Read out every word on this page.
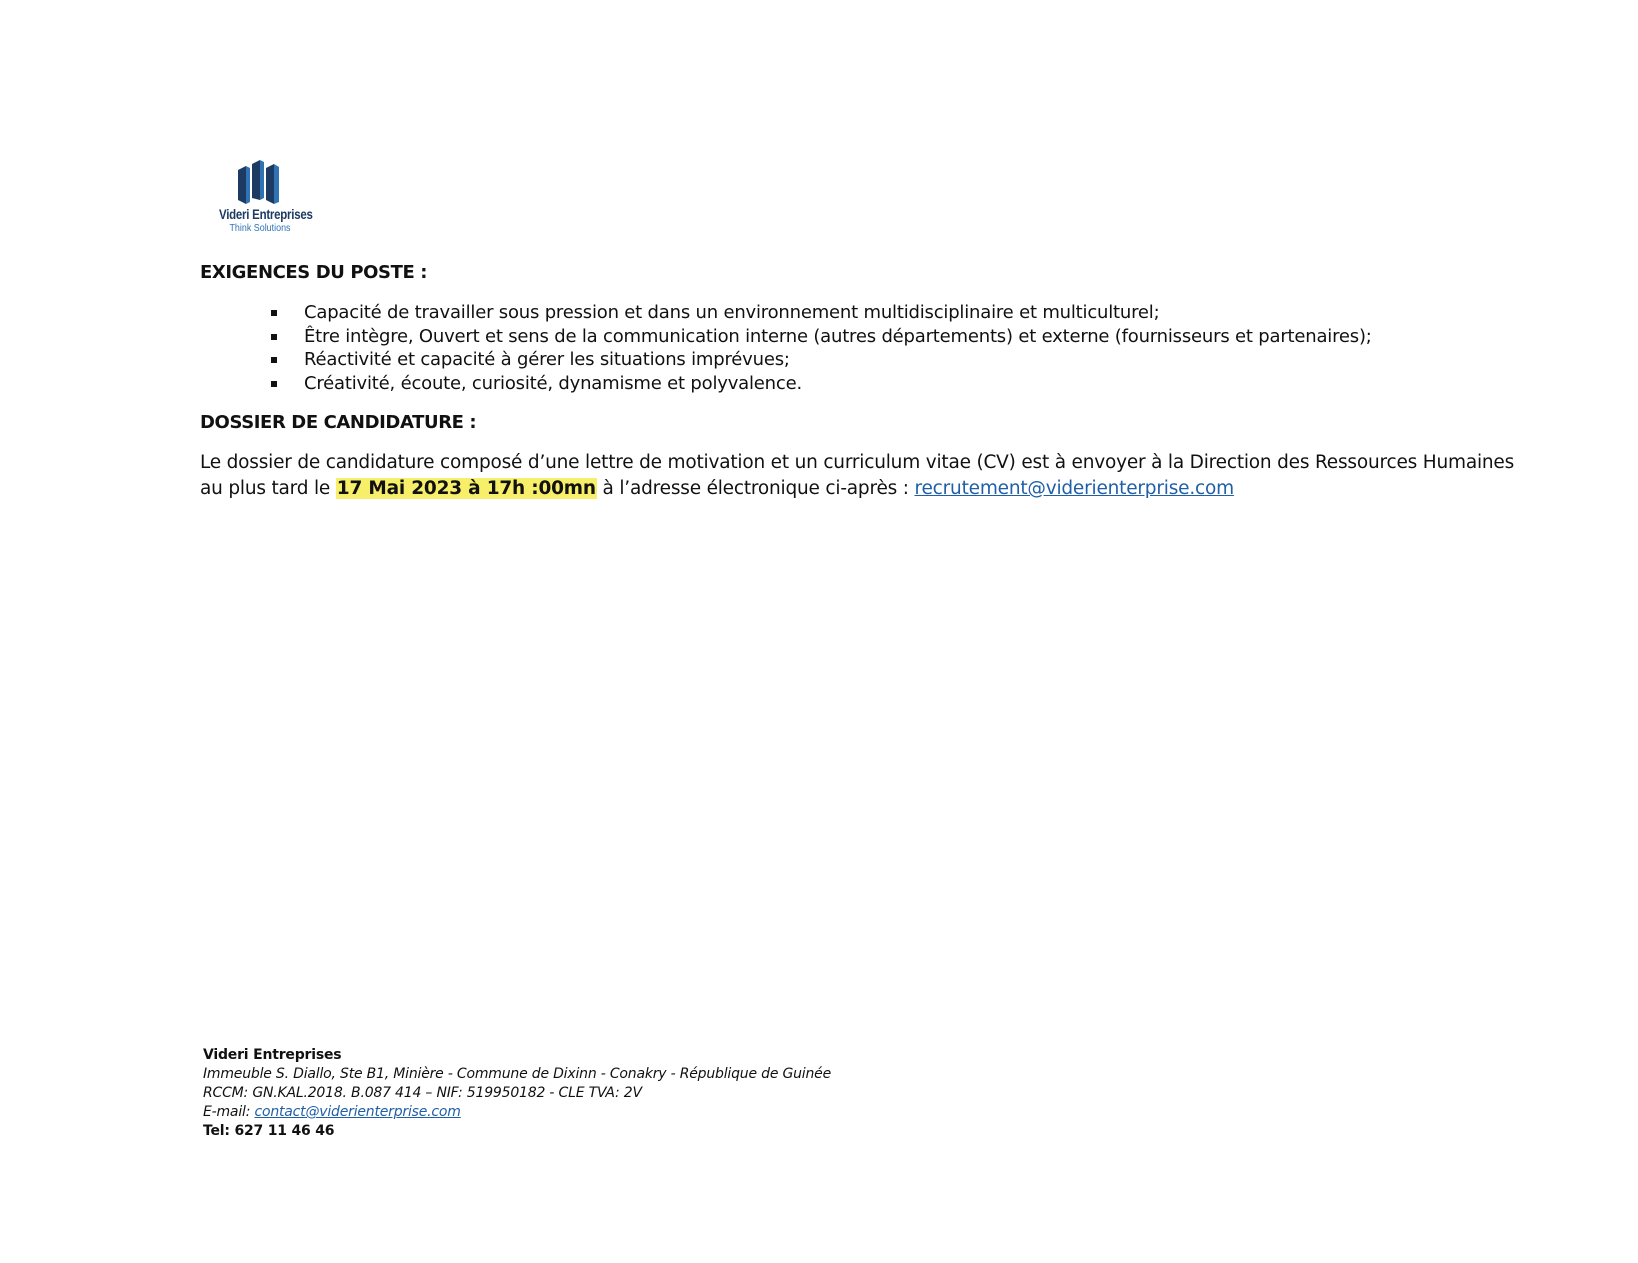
Videri Entreprises
Think Solutions
EXIGENCES DU POSTE :
Capacité de travailler sous pression et dans un environnement multidisciplinaire et multiculturel;
Être intègre, Ouvert et sens de la communication interne (autres départements) et externe (fournisseurs et partenaires);
Réactivité et capacité à gérer les situations imprévues;
Créativité, écoute, curiosité, dynamisme et polyvalence.
DOSSIER DE CANDIDATURE :
Le dossier de candidature composé d’une lettre de motivation et un curriculum vitae (CV) est à envoyer à la Direction des Ressources Humaines
au plus tard le 17 Mai 2023 à 17h :00mn à l’adresse électronique ci-après : recrutement@viderienterprise.com
Videri Entreprises
Immeuble S. Diallo, Ste B1, Minière - Commune de Dixinn - Conakry - République de Guinée
RCCM: GN.KAL.2018. B.087 414 – NIF: 519950182 - CLE TVA: 2V
E-mail: contact@viderienterprise.com
Tel: 627 11 46 46
